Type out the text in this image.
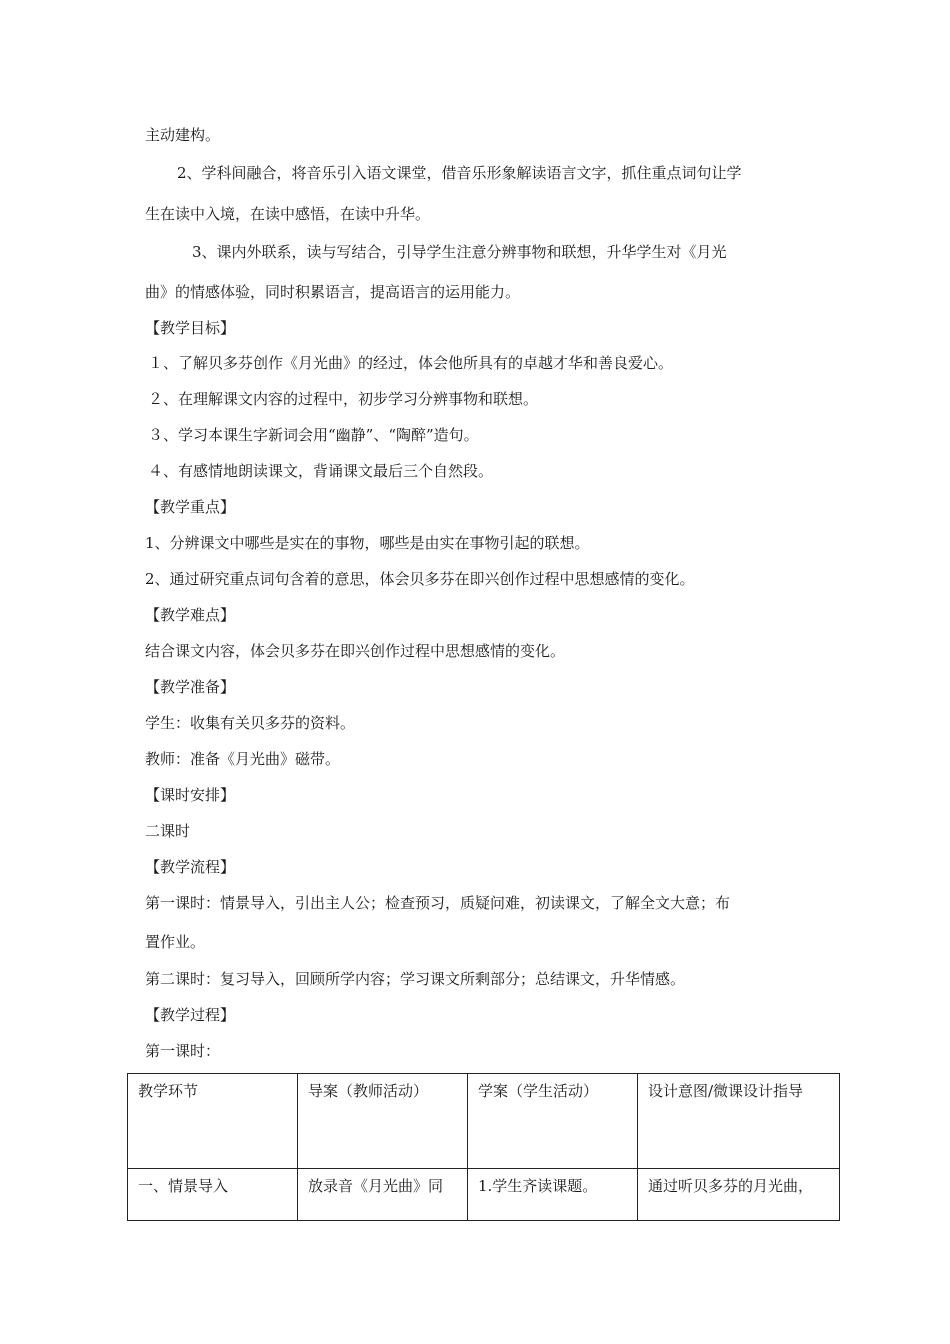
主动建构。
2、学科间融合，将音乐引入语文课堂，借音乐形象解读语言文字，抓住重点词句让学
生在读中入境，在读中感悟，在读中升华。
3、课内外联系，读与写结合，引导学生注意分辨事物和联想，升华学生对《月光
曲》的情感体验，同时积累语言，提高语言的运用能力。
【教学目标】
１、了解贝多芬创作《月光曲》的经过，体会他所具有的卓越才华和善良爱心。
２、在理解课文内容的过程中，初步学习分辨事物和联想。
３、学习本课生字新词会用“幽静”、“陶醉”造句。
４、有感情地朗读课文，背诵课文最后三个自然段。
【教学重点】
1、分辨课文中哪些是实在的事物，哪些是由实在事物引起的联想。
2、通过研究重点词句含着的意思，体会贝多芬在即兴创作过程中思想感情的变化。
【教学难点】
结合课文内容，体会贝多芬在即兴创作过程中思想感情的变化。
【教学准备】
学生：收集有关贝多芬的资料。
教师：准备《月光曲》磁带。
【课时安排】
二课时
【教学流程】
第一课时：情景导入，引出主人公；检查预习，质疑问难，初读课文，了解全文大意；布
置作业。
第二课时：复习导入，回顾所学内容；学习课文所剩部分；总结课文，升华情感。
【教学过程】
第一课时：
教学环节	导案（教师活动）	学案（学生活动）	设计意图/微课设计指导
一、情景导入	放录音《月光曲》同	1.学生齐读课题。	通过听贝多芬的月光曲，
